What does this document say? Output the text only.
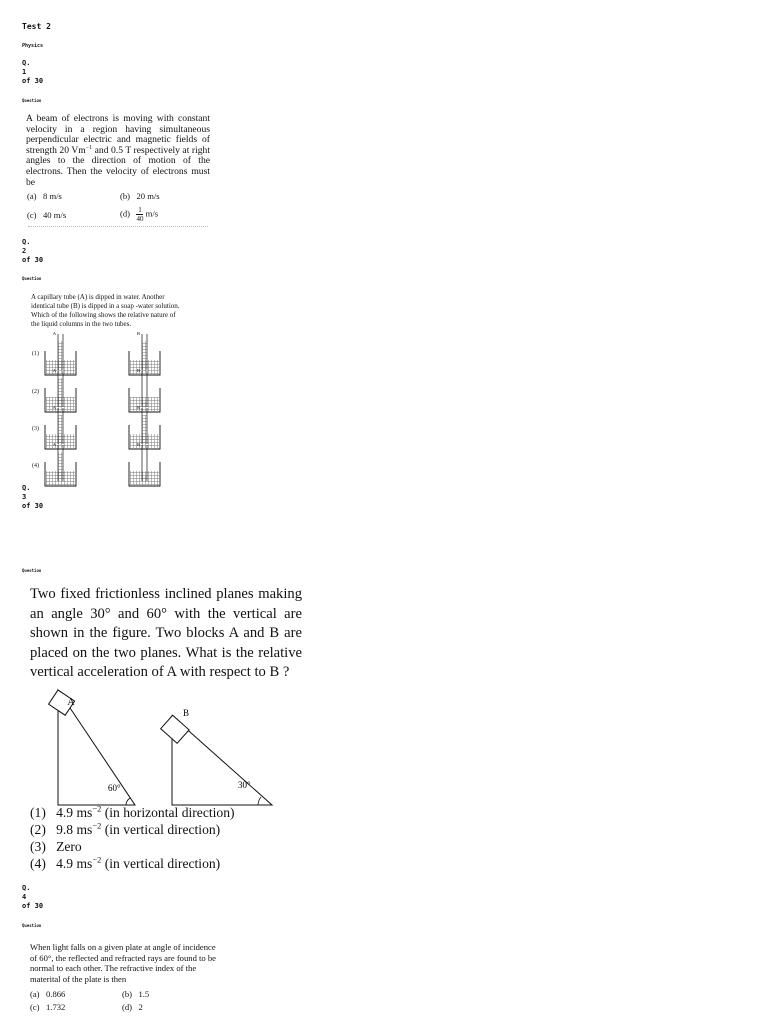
Test 2

Physics

Q.
1
of 30

Question

A beam of electrons is moving with constant velocity in a region having simultaneous perpendicular electric and magnetic fields of strength 20 $Vm^{-1}$ and 0.5 T respectively at right angles to the direction of motion of the electrons. Then the velocity of electrons must be

(a) 8 m/s	(b) 20 m/s
(c) 40 m/s	$(d) \frac{1}{40} m/s$
Q.
2
of 30

Question

A capillary tube (A) is dipped in water. Another identical tube (B) is dipped in a soap -water solution. Which of the following shows the relative nature of the liquid columns in the two tubes.

(1)
(2)
(3)
(4)
A	B
A	B
A	B
A	B
Q.
3
of 30

Question

Two fixed frictionless inclined planes making an angle 30° and 60° with the vertical are shown in the figure. Two blocks A and B are placed on the two planes. What is the relative vertical acceleration of A with respect to B ?

A
60°
B
30°
(1) 4.9 $ms^{-2}$ (in horizontal direction)
(2) 9.8 $ms^{-2}$ (in vertical direction)
(3) Zero
(4) 4.9 $ms^{-2}$ (in vertical direction)
Q.
4
of 30

Question

When light falls on a given plate at angle of incidence of 60°, the reflected and refracted rays are found to be normal to each other. The refractive index of the materital of the plate is then

(a) 0.866	(b) 1.5
(c) 1.732	(d) 2
